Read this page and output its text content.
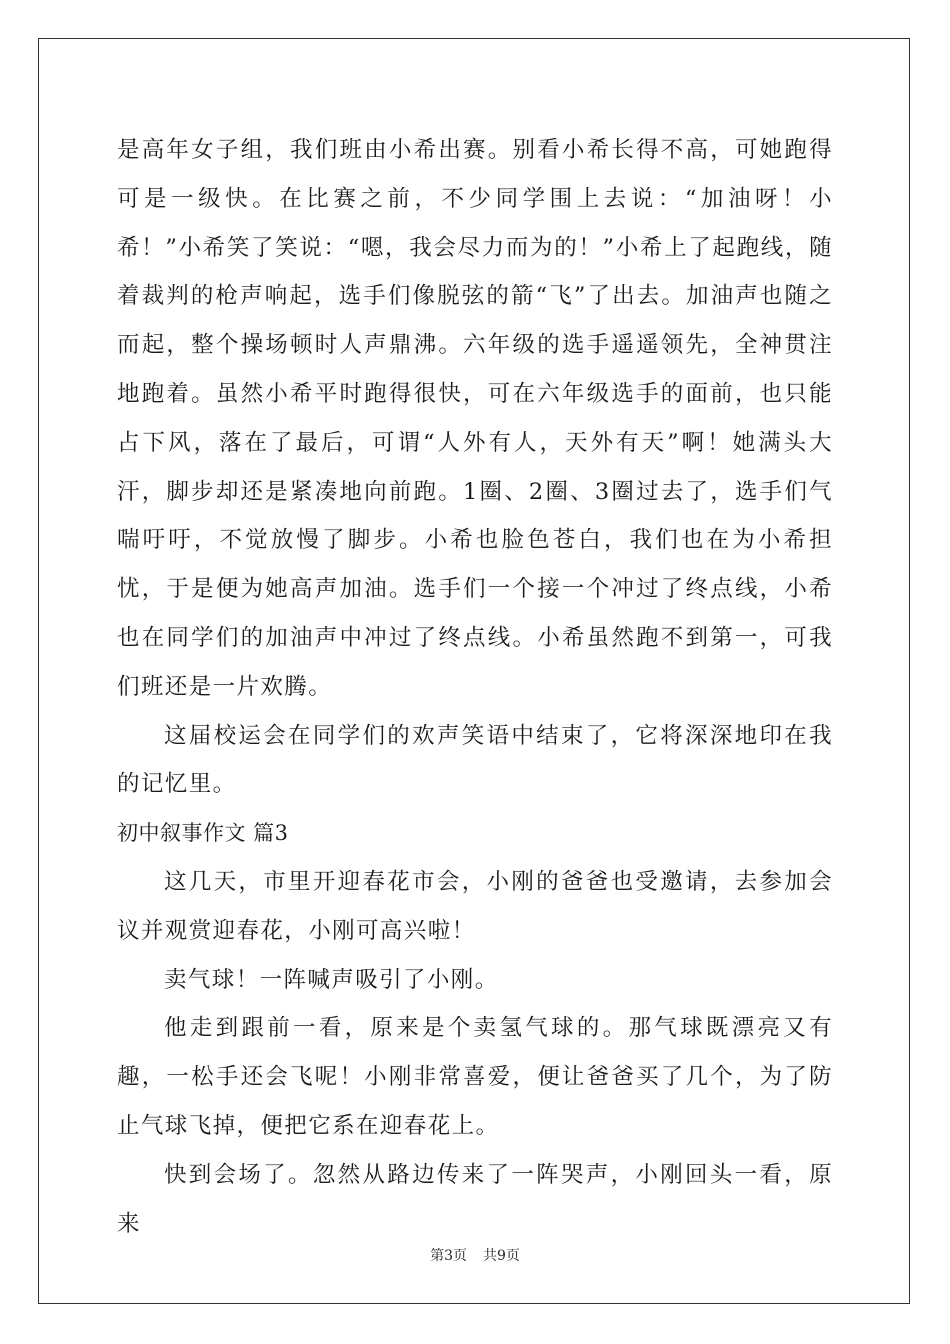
是高年女子组，我们班由小希出赛。别看小希长得不高，可她跑得可是一级快。在比赛之前，不少同学围上去说：“加油呀！小希！”小希笑了笑说：“嗯，我会尽力而为的！”小希上了起跑线，随着裁判的枪声响起，选手们像脱弦的箭“飞”了出去。加油声也随之而起，整个操场顿时人声鼎沸。六年级的选手遥遥领先，全神贯注地跑着。虽然小希平时跑得很快，可在六年级选手的面前，也只能占下风，落在了最后，可谓“人外有人，天外有天”啊！她满头大汗，脚步却还是紧凑地向前跑。1圈、2圈、3圈过去了，选手们气喘吁吁，不觉放慢了脚步。小希也脸色苍白，我们也在为小希担忧，于是便为她高声加油。选手们一个接一个冲过了终点线，小希也在同学们的加油声中冲过了终点线。小希虽然跑不到第一，可我们班还是一片欢腾。

这届校运会在同学们的欢声笑语中结束了，它将深深地印在我的记忆里。

初中叙事作文 篇3

这几天，市里开迎春花市会，小刚的爸爸也受邀请，去参加会议并观赏迎春花，小刚可高兴啦！

卖气球！一阵喊声吸引了小刚。

他走到跟前一看，原来是个卖氢气球的。那气球既漂亮又有趣，一松手还会飞呢！小刚非常喜爱，便让爸爸买了几个，为了防止气球飞掉，便把它系在迎春花上。

快到会场了。忽然从路边传来了一阵哭声，小刚回头一看，原来

第3页 共9页
